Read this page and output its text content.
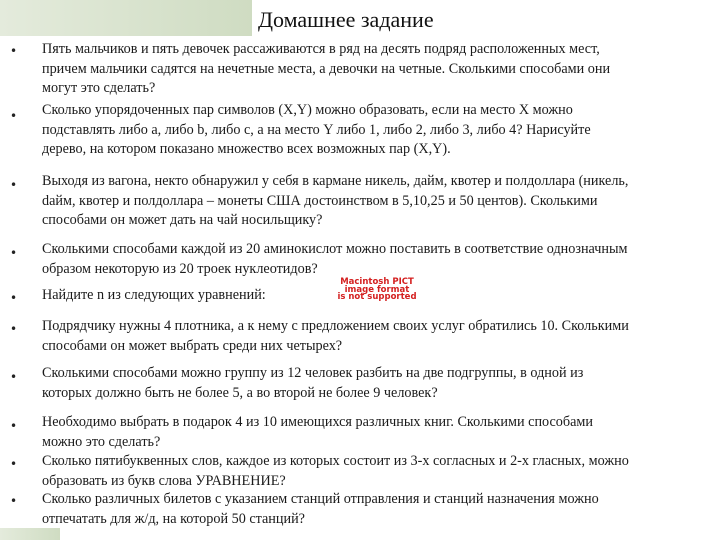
Домашнее задание
• Пять мальчиков и пять девочек рассаживаются в ряд на десять подряд расположенных мест,
причем мальчики садятся на нечетные места, а девочки на четные. Сколькими способами они
могут это сделать?
• Сколько упорядоченных пар символов (X,Y) можно образовать, если на место X можно
подставлять либо a, либо b, либо c, а на место Y либо 1, либо 2, либо 3, либо 4? Нарисуйте
дерево, на котором показано множество всех возможных пар (X,Y).
• Выходя из вагона, некто обнаружил у себя в кармане никель, дайм, квотер и полдоллара (никель,
daйм, квотер и полдоллара – монеты США достоинством в 5,10,25 и 50 центов). Сколькими
способами он может дать на чай носильщику?
• Сколькими способами каждой из 20 аминокислот можно поставить в соответствие однозначным
образом некоторую из 20 троек нуклеотидов?
• Найдите n из следующих уравнений:
• Подрядчику нужны 4 плотника, а к нему с предложением своих услуг обратились 10. Сколькими
способами он может выбрать среди них четырех?
• Сколькими способами можно группу из 12 человек разбить на две подгруппы, в одной из
которых должно быть не более 5, а во второй не более 9 человек?
• Необходимо выбрать в подарок 4 из 10 имеющихся различных книг. Сколькими способами
можно это сделать?
• Сколько пятибуквенных слов, каждое из которых состоит из 3-х согласных и 2-х гласных, можно
образовать из букв слова УРАВНЕНИЕ?
• Сколько различных билетов с указанием станций отправления и станций назначения можно
отпечатать для ж/д, на которой 50 станций?
Macintosh PICT
image format
is not supported
